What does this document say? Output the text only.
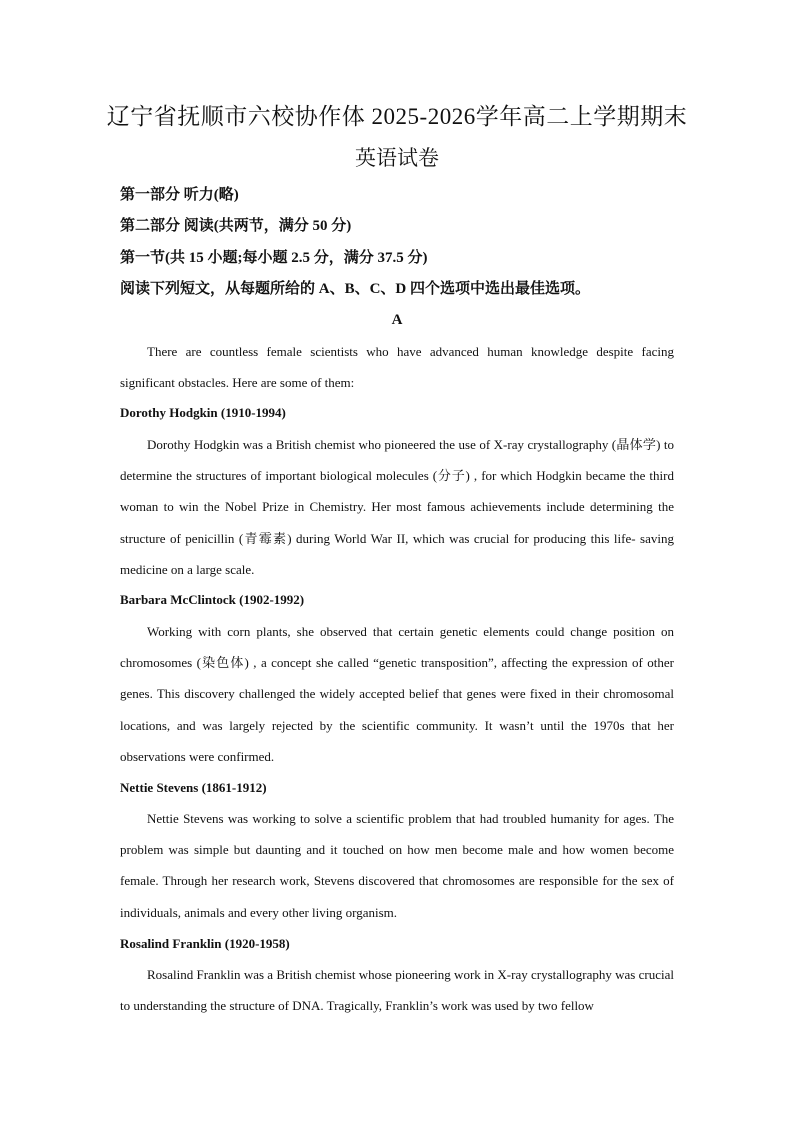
辽宁省抚顺市六校协作体 2025-2026学年高二上学期期末
英语试卷
第一部分 听力(略)
第二部分 阅读(共两节，满分 50 分)
第一节(共 15 小题;每小题 2.5 分，满分 37.5 分)
阅读下列短文，从每题所给的 A、B、C、D 四个选项中选出最佳选项。
A

There are countless female scientists who have advanced human knowledge despite facing significant obstacles. Here are some of them:

Dorothy Hodgkin (1910-1994)

Dorothy Hodgkin was a British chemist who pioneered the use of X-ray crystallography (晶体学) to determine the structures of important biological molecules (分子) , for which Hodgkin became the third woman to win the Nobel Prize in Chemistry. Her most famous achievements include determining the structure of penicillin (青霉素) during World War II, which was crucial for producing this life- saving medicine on a large scale.

Barbara McClintock (1902-1992)

Working with corn plants, she observed that certain genetic elements could change position on chromosomes (染色体) , a concept she called “genetic transposition”, affecting the expression of other genes. This discovery challenged the widely accepted belief that genes were fixed in their chromosomal locations, and was largely rejected by the scientific community. It wasn’t until the 1970s that her observations were confirmed.

Nettie Stevens (1861-1912)

Nettie Stevens was working to solve a scientific problem that had troubled humanity for ages. The problem was simple but daunting and it touched on how men become male and how women become female. Through her research work, Stevens discovered that chromosomes are responsible for the sex of individuals, animals and every other living organism.

Rosalind Franklin (1920-1958)

Rosalind Franklin was a British chemist whose pioneering work in X-ray crystallography was crucial to understanding the structure of DNA. Tragically, Franklin’s work was used by two fellow
